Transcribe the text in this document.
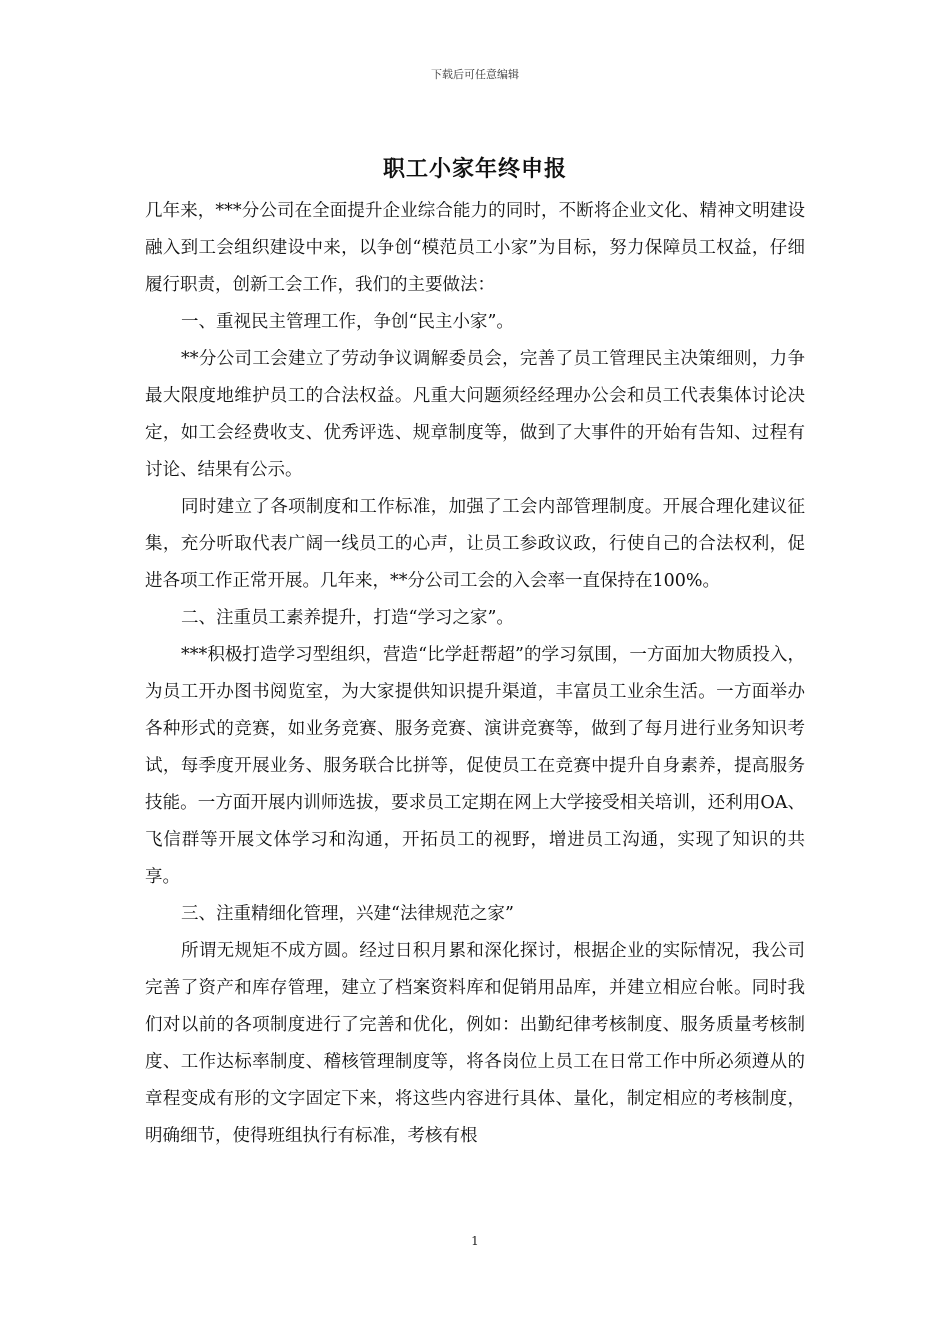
下载后可任意编辑
职工小家年终申报

几年来，***分公司在全面提升企业综合能力的同时，不断将企业文化、精神文明建设融入到工会组织建设中来，以争创“模范员工小家”为目标，努力保障员工权益，仔细履行职责，创新工会工作，我们的主要做法：

一、重视民主管理工作，争创“民主小家”。

**分公司工会建立了劳动争议调解委员会，完善了员工管理民主决策细则，力争最大限度地维护员工的合法权益。凡重大问题须经经理办公会和员工代表集体讨论决定，如工会经费收支、优秀评选、规章制度等，做到了大事件的开始有告知、过程有讨论、结果有公示。

同时建立了各项制度和工作标准，加强了工会内部管理制度。开展合理化建议征集，充分听取代表广阔一线员工的心声，让员工参政议政，行使自己的合法权利，促进各项工作正常开展。几年来，**分公司工会的入会率一直保持在100%。

二、注重员工素养提升，打造“学习之家”。

***积极打造学习型组织，营造“比学赶帮超”的学习氛围，一方面加大物质投入，为员工开办图书阅览室，为大家提供知识提升渠道，丰富员工业余生活。一方面举办各种形式的竞赛，如业务竞赛、服务竞赛、演讲竞赛等，做到了每月进行业务知识考试，每季度开展业务、服务联合比拼等，促使员工在竞赛中提升自身素养，提高服务技能。一方面开展内训师选拔，要求员工定期在网上大学接受相关培训，还利用OA、飞信群等开展文体学习和沟通，开拓员工的视野，增进员工沟通，实现了知识的共享。

三、注重精细化管理，兴建“法律规范之家”

所谓无规矩不成方圆。经过日积月累和深化探讨，根据企业的实际情况，我公司完善了资产和库存管理，建立了档案资料库和促销用品库，并建立相应台帐。同时我们对以前的各项制度进行了完善和优化，例如：出勤纪律考核制度、服务质量考核制度、工作达标率制度、稽核管理制度等，将各岗位上员工在日常工作中所必须遵从的章程变成有形的文字固定下来，将这些内容进行具体、量化，制定相应的考核制度，明确细节，使得班组执行有标准，考核有根

1
